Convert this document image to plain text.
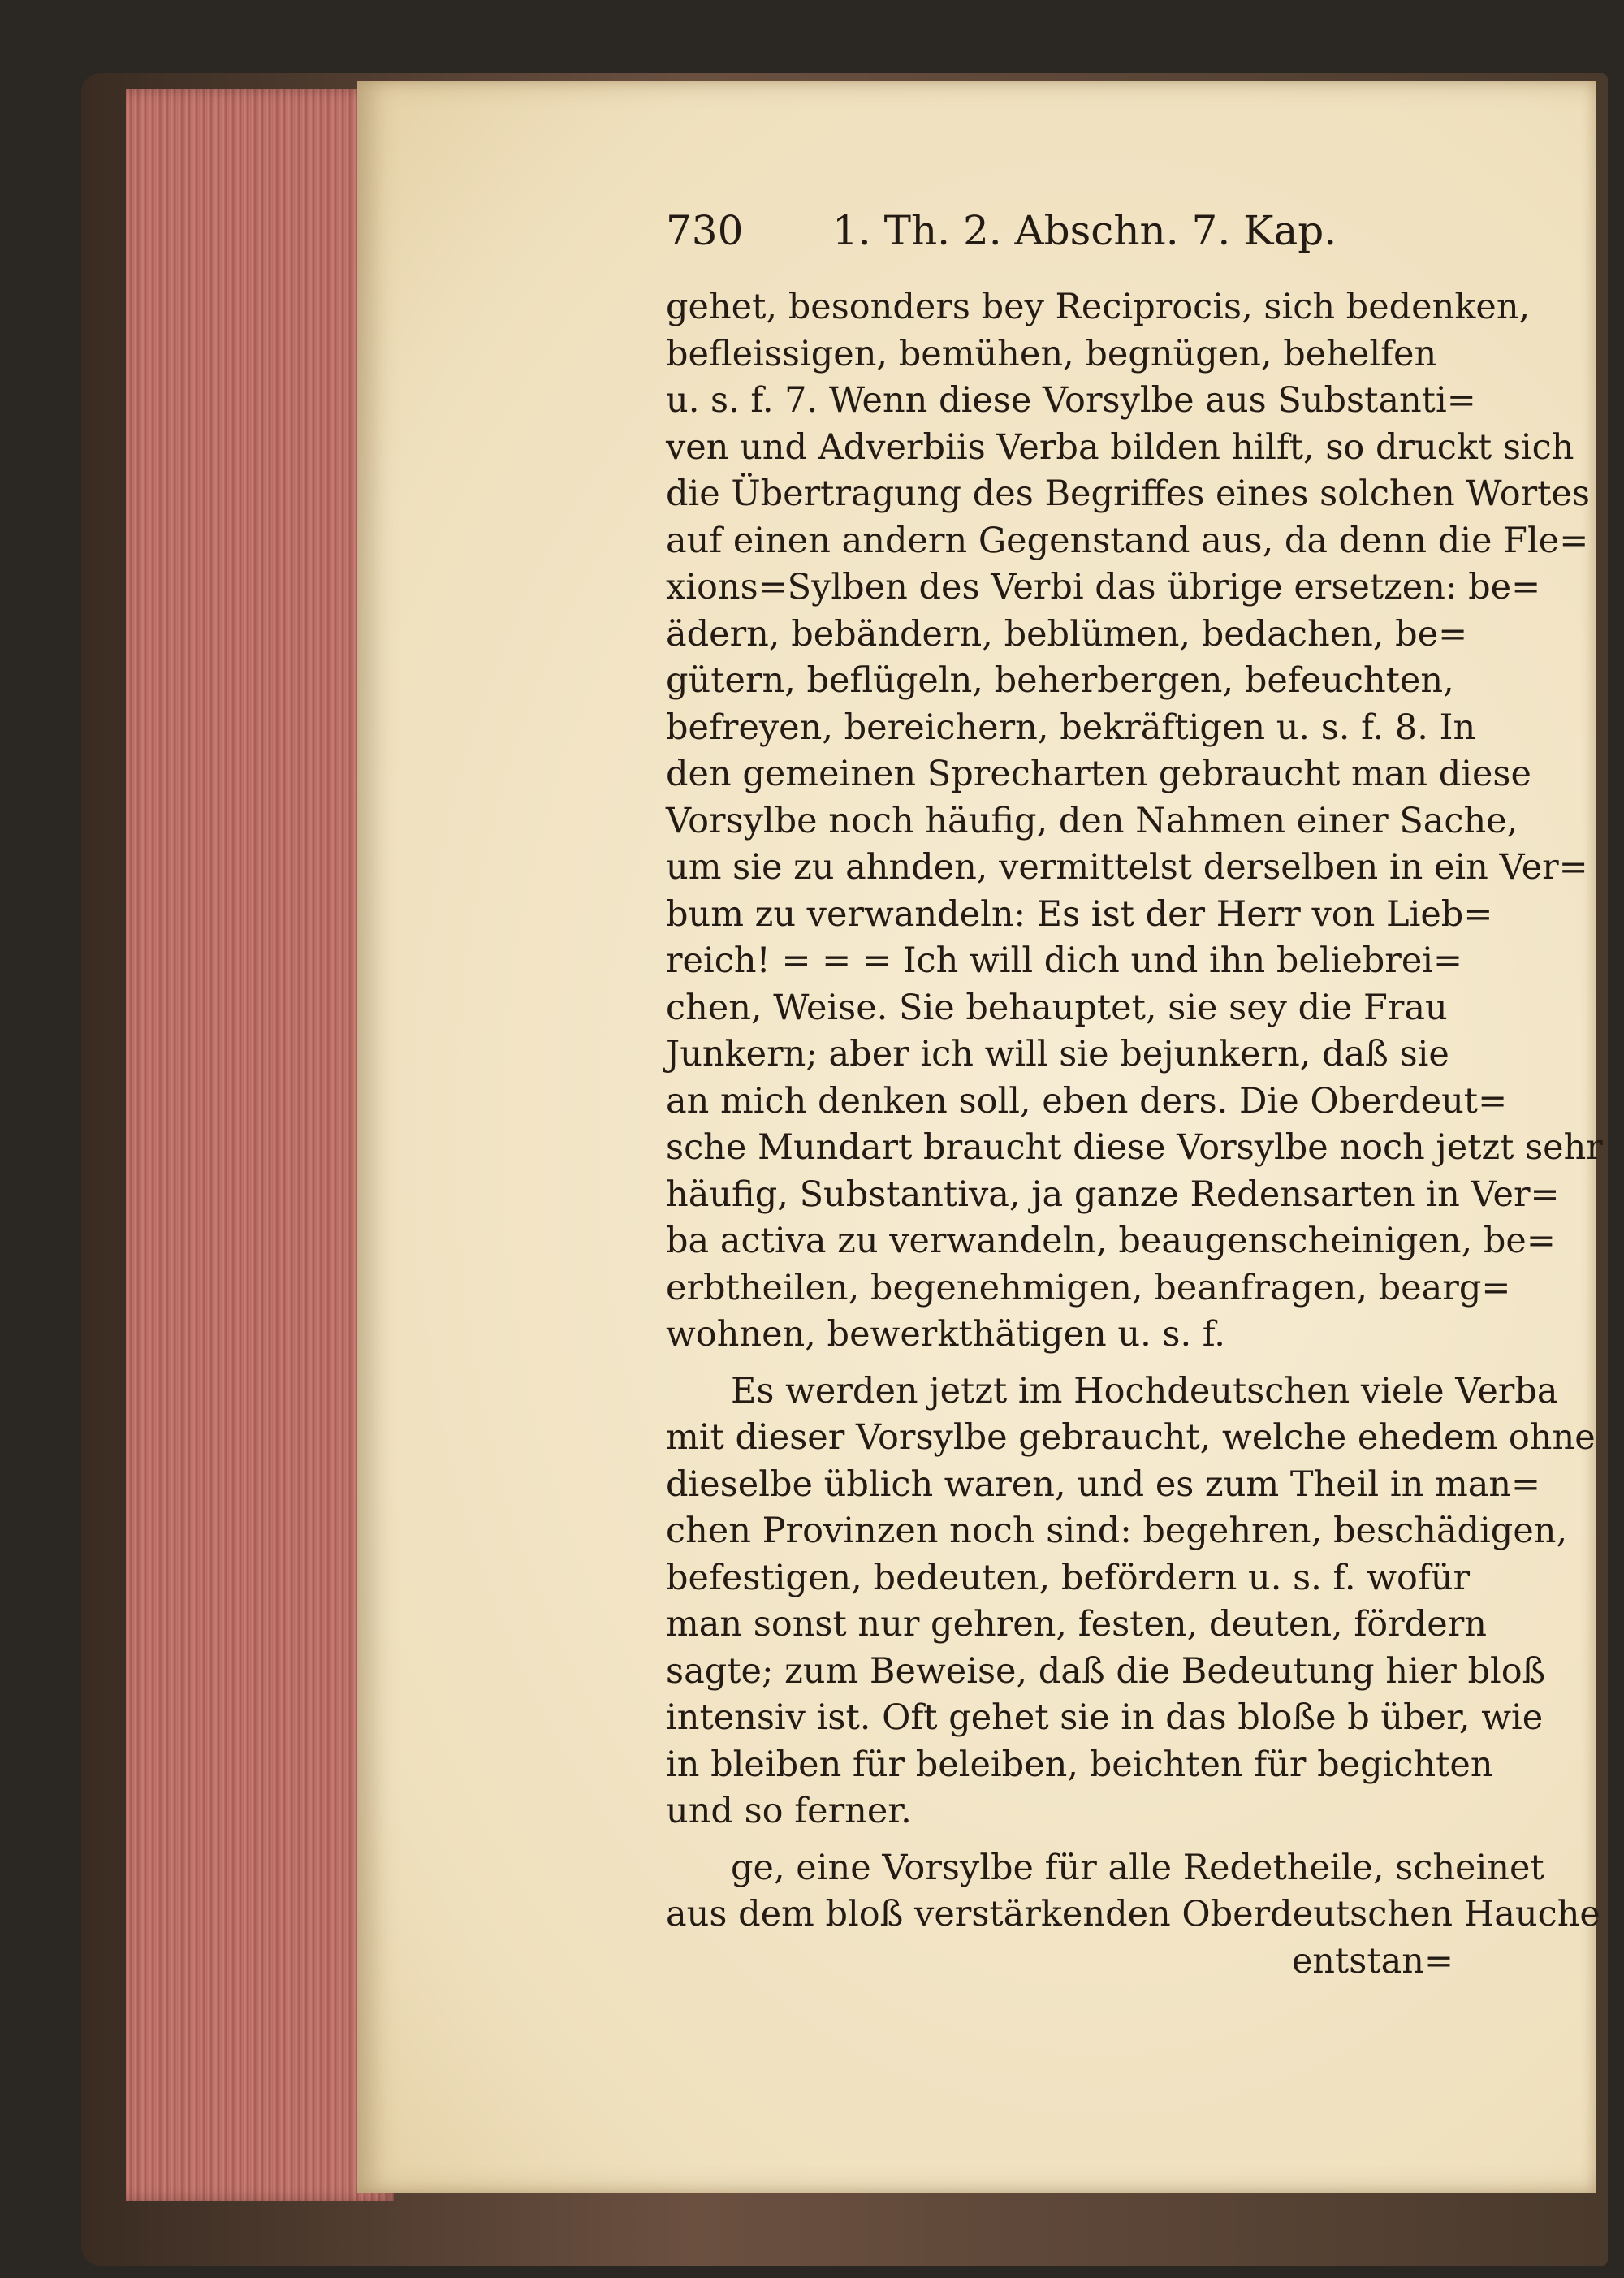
730 1. Th. 2. Abschn. 7. Kap.
gehet, besonders bey Reciprocis, sich bedenken,
befleissigen, bemühen, begnügen, behelfen
u. s. f. 7. Wenn diese Vorsylbe aus Substanti=
ven und Adverbiis Verba bilden hilft, so druckt sich
die Übertragung des Begriffes eines solchen Wortes
auf einen andern Gegenstand aus, da denn die Fle=
xions=Sylben des Verbi das übrige ersetzen: be=
ädern, bebändern, beblümen, bedachen, be=
gütern, beflügeln, beherbergen, befeuchten,
befreyen, bereichern, bekräftigen u. s. f. 8. In
den gemeinen Sprecharten gebraucht man diese
Vorsylbe noch häufig, den Nahmen einer Sache,
um sie zu ahnden, vermittelst derselben in ein Ver=
bum zu verwandeln: Es ist der Herr von Lieb=
reich! = = = Ich will dich und ihn beliebrei=
chen, Weise. Sie behauptet, sie sey die Frau
Junkern; aber ich will sie bejunkern, daß sie
an mich denken soll, eben ders. Die Oberdeut=
sche Mundart braucht diese Vorsylbe noch jetzt sehr
häufig, Substantiva, ja ganze Redensarten in Ver=
ba activa zu verwandeln, beaugenscheinigen, be=
erbtheilen, begenehmigen, beanfragen, bearg=
wohnen, bewerkthätigen u. s. f.
Es werden jetzt im Hochdeutschen viele Verba
mit dieser Vorsylbe gebraucht, welche ehedem ohne
dieselbe üblich waren, und es zum Theil in man=
chen Provinzen noch sind: begehren, beschädigen,
befestigen, bedeuten, befördern u. s. f. wofür
man sonst nur gehren, festen, deuten, fördern
sagte; zum Beweise, daß die Bedeutung hier bloß
intensiv ist. Oft gehet sie in das bloße b über, wie
in bleiben für beleiben, beichten für begichten
und so ferner.
ge, eine Vorsylbe für alle Redetheile, scheinet
aus dem bloß verstärkenden Oberdeutschen Hauche
entstan=
